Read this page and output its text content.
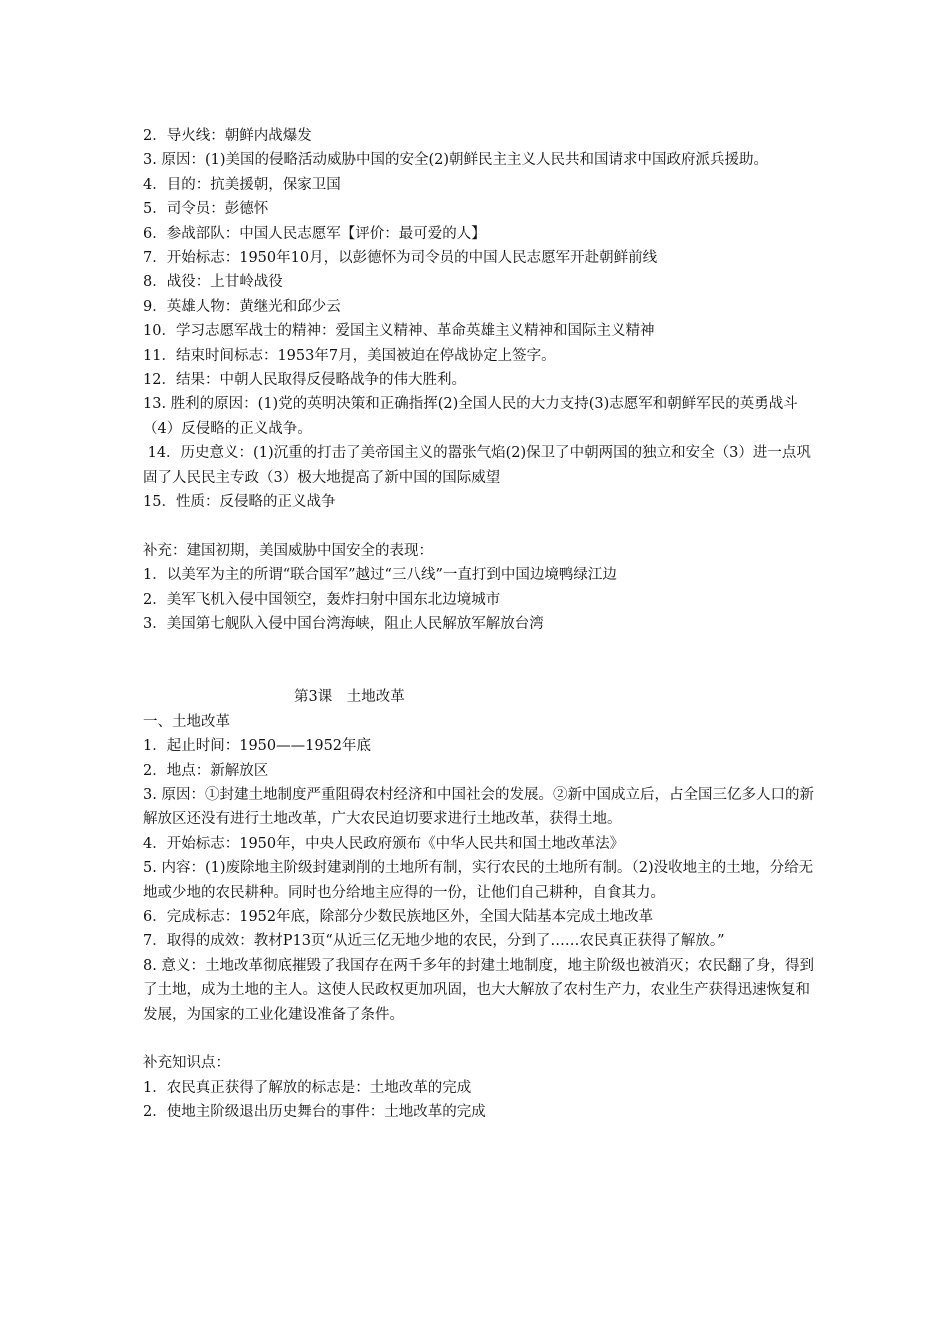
2．导火线：朝鲜内战爆发

3. 原因：(1)美国的侵略活动威胁中国的安全(2)朝鲜民主主义人民共和国请求中国政府派兵援助。

4．目的：抗美援朝，保家卫国

5．司令员：彭德怀

6．参战部队：中国人民志愿军【评价：最可爱的人】

7．开始标志：1950年10月，以彭德怀为司令员的中国人民志愿军开赴朝鲜前线

8．战役：上甘岭战役

9．英雄人物：黄继光和邱少云

10．学习志愿军战士的精神：爱国主义精神、革命英雄主义精神和国际主义精神

11．结束时间标志：1953年7月，美国被迫在停战协定上签字。

12．结果：中朝人民取得反侵略战争的伟大胜利。

13. 胜利的原因：(1)党的英明决策和正确指挥(2)全国人民的大力支持(3)志愿军和朝鲜军民的英勇战斗（4）反侵略的正义战争。

14．历史意义：(1)沉重的打击了美帝国主义的嚣张气焰(2)保卫了中朝两国的独立和安全（3）进一点巩固了人民民主专政（3）极大地提高了新中国的国际威望

15．性质：反侵略的正义战争

补充：建国初期，美国威胁中国安全的表现：

1．以美军为主的所谓“联合国军”越过“三八线”一直打到中国边境鸭绿江边

2．美军飞机入侵中国领空，轰炸扫射中国东北边境城市

3．美国第七舰队入侵中国台湾海峡，阻止人民解放军解放台湾

第3课　土地改革

一、土地改革

1．起止时间：1950——1952年底

2．地点：新解放区

3. 原因：①封建土地制度严重阻碍农村经济和中国社会的发展。②新中国成立后，占全国三亿多人口的新解放区还没有进行土地改革，广大农民迫切要求进行土地改革，获得土地。

4．开始标志：1950年，中央人民政府颁布《中华人民共和国土地改革法》

5. 内容：(1)废除地主阶级封建剥削的土地所有制，实行农民的土地所有制。（2)没收地主的土地，分给无地或少地的农民耕种。同时也分给地主应得的一份，让他们自己耕种，自食其力。

6．完成标志：1952年底，除部分少数民族地区外，全国大陆基本完成土地改革

7．取得的成效：教材P13页“从近三亿无地少地的农民，分到了……农民真正获得了解放。”

8. 意义：土地改革彻底摧毁了我国存在两千多年的封建土地制度，地主阶级也被消灭；农民翻了身，得到了土地，成为土地的主人。这使人民政权更加巩固，也大大解放了农村生产力，农业生产获得迅速恢复和发展，为国家的工业化建设准备了条件。

补充知识点：

1．农民真正获得了解放的标志是：土地改革的完成

2．使地主阶级退出历史舞台的事件：土地改革的完成
